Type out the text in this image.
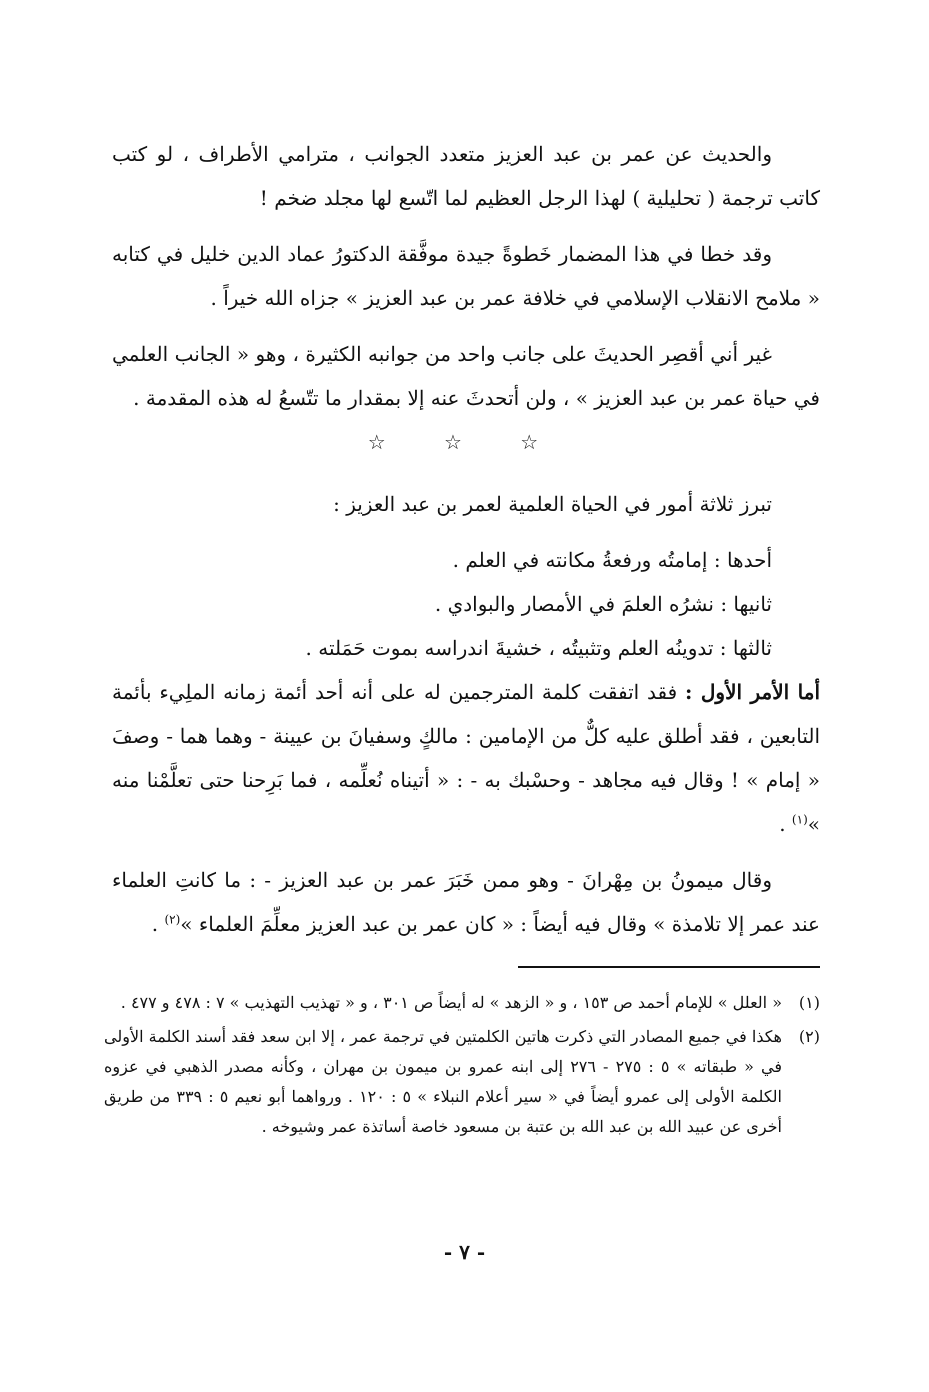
والحديث عن عمر بن عبد العزيز متعدد الجوانب ، مترامي الأطراف ، لو كتب كاتب ترجمة ( تحليلية ) لهذا الرجل العظيم لما اتّسع لها مجلد ضخم !

وقد خطا في هذا المضمار خَطوةً جيدة موفَّقة الدكتورُ عماد الدين خليل في كتابه « ملامح الانقلاب الإسلامي في خلافة عمر بن عبد العزيز » جزاه الله خيراً .

غير أني أقصِر الحديثَ على جانب واحد من جوانبه الكثيرة ، وهو « الجانب العلمي في حياة عمر بن عبد العزيز » ، ولن أتحدثَ عنه إلا بمقدار ما تتّسعُ له هذه المقدمة .

☆ ☆ ☆

تبرز ثلاثة أمور في الحياة العلمية لعمر بن عبد العزيز :

أحدها : إمامتُه ورفعةُ مكانته في العلم .

ثانيها : نشرُه العلمَ في الأمصار والبوادي .

ثالثها : تدوينُه العلم وتثبيتُه ، خشيةَ اندراسه بموت حَمَلته .

أما الأمر الأول : فقد اتفقت كلمة المترجمين له على أنه أحد أئمة زمانه الملِيء بأئمة التابعين ، فقد أطلق عليه كلٌّ من الإمامين : مالكٍ وسفيانَ بن عيينة - وهما هما - وصفَ « إمام » ! وقال فيه مجاهد - وحسْبك به - : « أتيناه نُعلِّمه ، فما بَرِحنا حتى تعلَّمْنا منه »$^{(١)}$ .

وقال ميمونُ بن مِهْرانَ - وهو ممن خَبَرَ عمر بن عبد العزيز - : ما كانتِ العلماء عند عمر إلا تلامذة » وقال فيه أيضاً : « كان عمر بن عبد العزيز معلِّمَ العلماء »$^{(٢)}$ .

(١)
« العلل » للإمام أحمد ص ١٥٣ ، و « الزهد » له أيضاً ص ٣٠١ ، و « تهذيب التهذيب » ٧ : ٤٧٨ و ٤٧٧ .
(٢)
هكذا في جميع المصادر التي ذكرت هاتين الكلمتين في ترجمة عمر ، إلا ابن سعد فقد أسند الكلمة الأولى في « طبقاته » ٥ : ٢٧٥ - ٢٧٦ إلى ابنه عمرو بن ميمون بن مهران ، وكأنه مصدر الذهبي في عزوه الكلمة الأولى إلى عمرو أيضاً في « سير أعلام النبلاء » ٥ : ١٢٠ . ورواهما أبو نعيم ٥ : ٣٣٩ من طريق أخرى عن عبيد الله بن عبد الله بن عتبة بن مسعود خاصة أساتذة عمر وشيوخه .
- ٧ -
